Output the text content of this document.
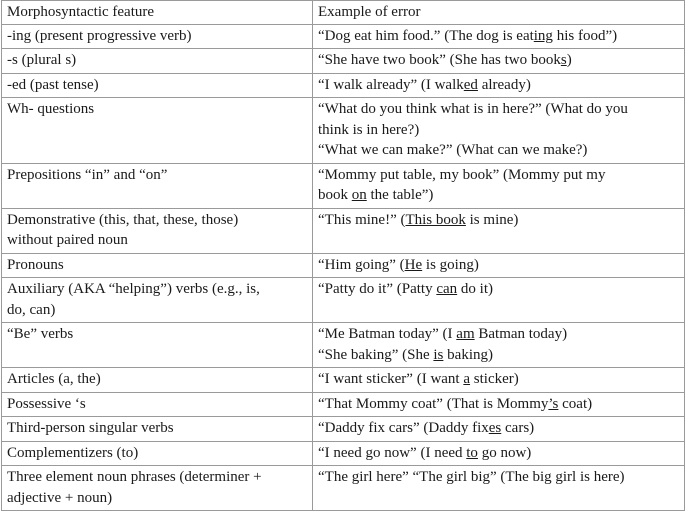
Morphosyntactic feature	Example of error

-ing (present progressive verb)	“Dog eat him food.” (The dog is eating his food”)

-s (plural s)	“She have two book” (She has two books)

-ed (past tense)	“I walk already” (I walked already)

Wh- questions	“What do you think what is in here?” (What do you
think is in here?)
“What we can make?” (What can we make?)

Prepositions “in” and “on”	“Mommy put table, my book” (Mommy put my
book on the table”)

Demonstrative (this, that, these, those)
without paired noun	“This mine!” (This book is mine)

Pronouns	“Him going” (He is going)

Auxiliary (AKA “helping”) verbs (e.g., is,
do, can)	“Patty do it” (Patty can do it)

“Be” verbs	“Me Batman today” (I am Batman today)
“She baking” (She is baking)

Articles (a, the)	“I want sticker” (I want a sticker)

Possessive ‘s	“That Mommy coat” (That is Mommy’s coat)

Third-person singular verbs	“Daddy fix cars” (Daddy fixes cars)

Complementizers (to)	“I need go now” (I need to go now)

Three element noun phrases (determiner +
adjective + noun)	“The girl here” “The girl big” (The big girl is here)
